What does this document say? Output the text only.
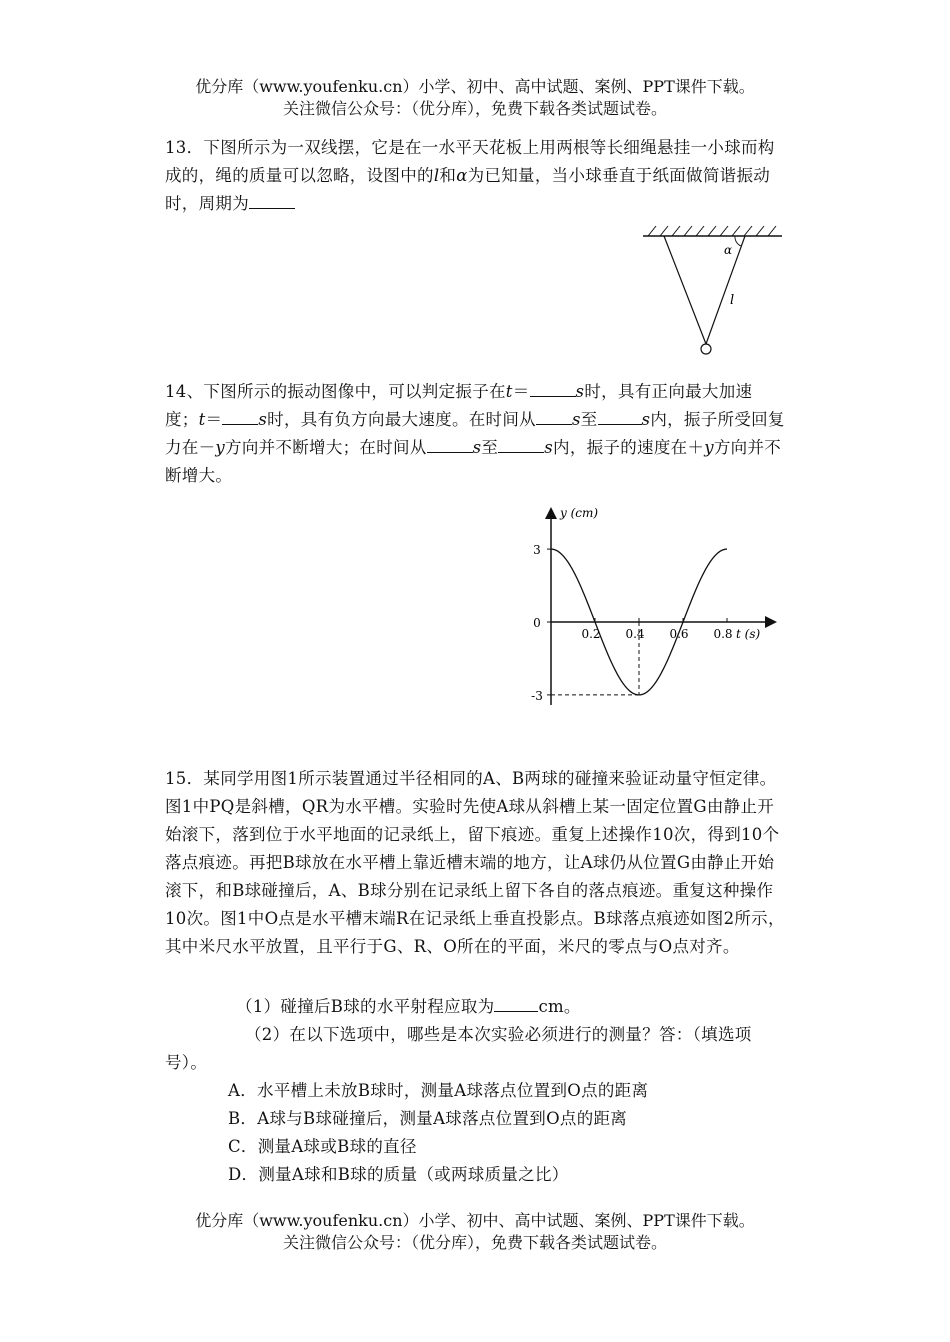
优分库（www.youfenku.cn）小学、初中、高中试题、案例、PPT课件下载。
关注微信公众号：（优分库），免费下载各类试题试卷。
13．下图所示为一双线摆，它是在一水平天花板上用两根等长细绳悬挂一小球而构成的，绳的质量可以忽略，设图中的l和α为已知量，当小球垂直于纸面做简谐振动时，周期为
α
l
14、下图所示的振动图像中，可以判定振子在t＝	s时，具有正向最大加速度；t＝ s时，具有负方向最大速度。在时间从 s至	s内，振子所受回复力在－y方向并不断增大；在时间从	s至	s内，振子的速度在＋y方向并不断增大。
y (cm)
t (s)
3
0
-3
0.2 0.4 0.6 0.8
15．某同学用图1所示装置通过半径相同的A、B两球的碰撞来验证动量守恒定律。图1中PQ是斜槽，QR为水平槽。实验时先使A球从斜槽上某一固定位置G由静止开始滚下，落到位于水平地面的记录纸上，留下痕迹。重复上述操作10次，得到10个落点痕迹。再把B球放在水平槽上靠近槽末端的地方，让A球仍从位置G由静止开始滚下，和B球碰撞后，A、B球分别在记录纸上留下各自的落点痕迹。重复这种操作10次。图1中O点是水平槽末端R在记录纸上垂直投影点。B球落点痕迹如图2所示，其中米尺水平放置，且平行于G、R、O所在的平面，米尺的零点与O点对齐。
（1）碰撞后B球的水平射程应取为	cm。
（2）在以下选项中，哪些是本次实验必须进行的测量？答：（填选项号）。
A．水平槽上未放B球时，测量A球落点位置到O点的距离
B．A球与B球碰撞后，测量A球落点位置到O点的距离
C．测量A球或B球的直径
D．测量A球和B球的质量（或两球质量之比）
优分库（www.youfenku.cn）小学、初中、高中试题、案例、PPT课件下载。
关注微信公众号：（优分库），免费下载各类试题试卷。
